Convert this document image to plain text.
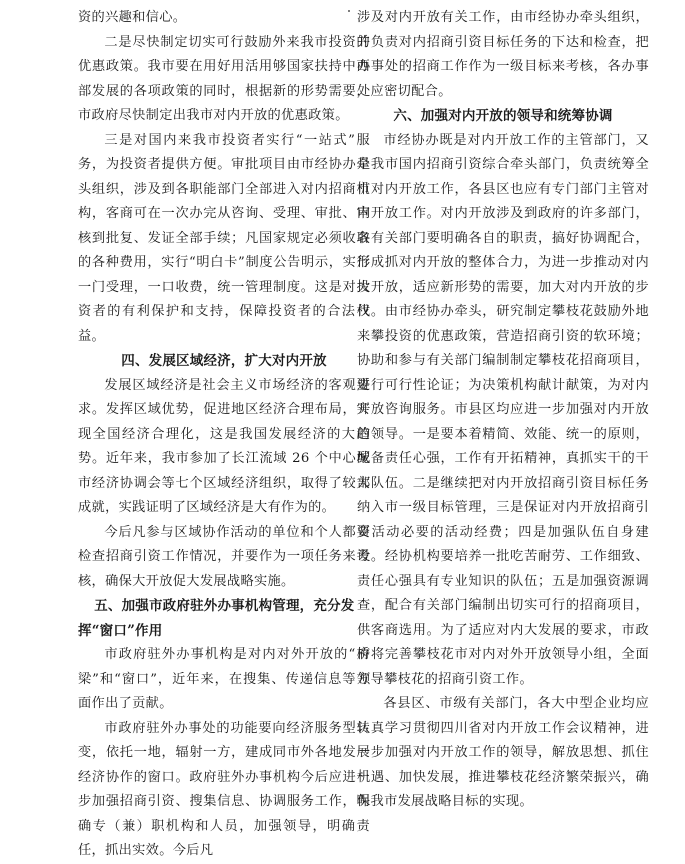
资的兴趣和信心。

二是尽快制定切实可行鼓励外来我市投资的优惠政策。我市要在用好用活用够国家扶持中西部发展的各项政策的同时，根据新的形势需要，市政府尽快制定出我市对内开放的优惠政策。

三是对国内来我市投资者实行“一站式”服务，为投资者提供方便。审批项目由市经协办牵头组织，涉及到各职能部门全部进入对内招商机构，客商可在一次办完从咨询、受理、审批、审核到批复、发证全部手续；凡国家规定必须收取的各种费用，实行“明白卡”制度公告明示，实行一门受理，一口收费，统一管理制度。这是对投资者的有利保护和支持，保障投资者的合法权益。

四、发展区域经济，扩大对内开放

发展区域经济是社会主义市场经济的客观要求。发挥区域优势，促进地区经济合理布局，实现全国经济合理化，这是我国发展经济的大趋势。近年来，我市参加了长江流域 26 个中心城市经济协调会等七个区域经济组织，取得了较大成就，实践证明了区域经济是大有作为的。

今后凡参与区域协作活动的单位和个人都要检查招商引资工作情况，并要作为一项任务来考核，确保大开放促大发展战略实施。

五、加强市政府驻外办事机构管理，充分发挥“窗口”作用

市政府驻外办事机构是对内对外开放的“桥梁”和“窗口”，近年来，在搜集、传递信息等方面作出了贡献。

市政府驻外办事处的功能要向经济服务型转变，依托一地，辐射一方，建成同市外各地发展经济协作的窗口。政府驻外办事机构今后应进一步加强招商引资、搜集信息、协调服务工作，明确专（兼）职机构和人员，加强领导，明确责任，抓出实效。今后凡

涉及对内开放有关工作，由市经协办牵头组织，并负责对内招商引资目标任务的下达和检查，把办事处的招商工作作为一级目标来考核，各办事处应密切配合。

六、加强对内开放的领导和统筹协调

市经协办既是对内开放工作的主管部门，又是我市国内招商引资综合牵头部门，负责统筹全市对内开放工作，各县区也应有专门部门主管对内开放工作。对内开放涉及到政府的许多部门，各有关部门要明确各自的职责，搞好协调配合，形成抓对内开放的整体合力，为进一步推动对内大开放，适应新形势的需要，加大对内开放的步伐。由市经协办牵头，研究制定攀枝花鼓励外地来攀投资的优惠政策，营造招商引资的软环境；协助和参与有关部门编制制定攀枝花招商项目，进行可行性论证；为决策机构献计献策，为对内开放咨询服务。市县区均应进一步加强对内开放的领导。一是要本着精简、效能、统一的原则，配备责任心强，工作有开拓精神，真抓实干的干部队伍。二是继续把对内开放招商引资目标任务纳入市一级目标管理，三是保证对内开放招商引资活动必要的活动经费；四是加强队伍自身建设。经协机构要培养一批吃苦耐劳、工作细致、责任心强具有专业知识的队伍；五是加强资源调查，配合有关部门编制出切实可行的招商项目，供客商选用。为了适应对内大发展的要求，市政府将完善攀枝花市对内对外开放领导小组，全面领导攀枝花的招商引资工作。

各县区、市级有关部门，各大中型企业均应认真学习贯彻四川省对内开放工作会议精神，进一步加强对内开放工作的领导，解放思想、抓住机遇、加快发展，推进攀枝花经济繁荣振兴，确保我市发展战略目标的实现。
